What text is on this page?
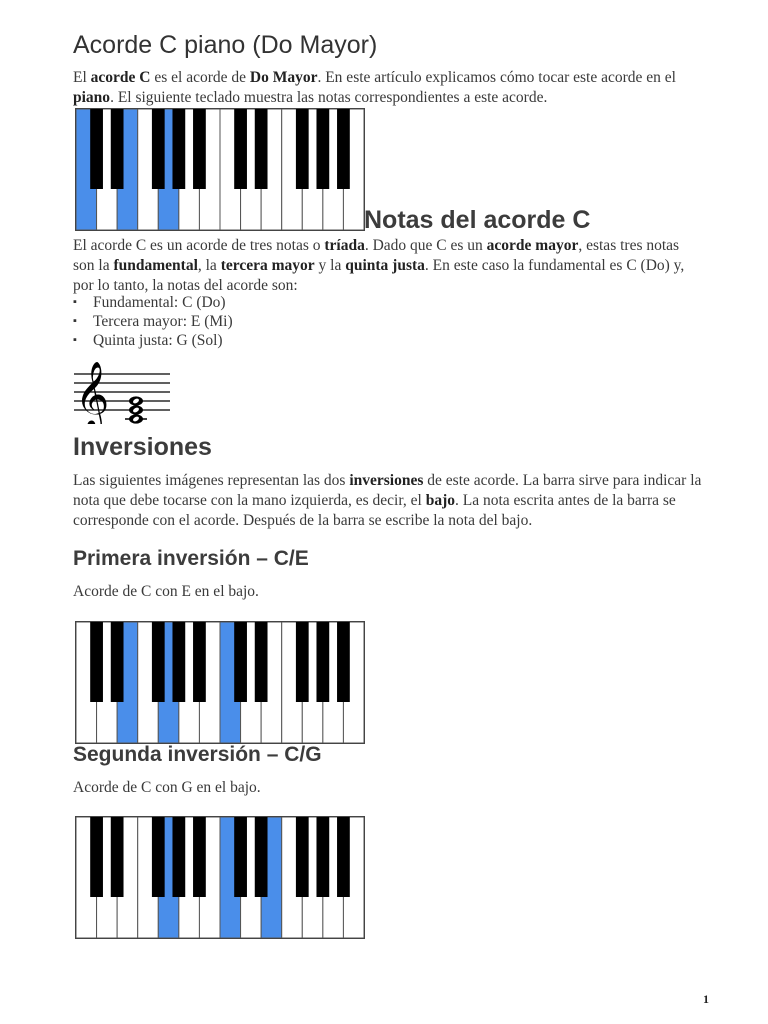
Acorde C piano (Do Mayor)
El acorde C es el acorde de Do Mayor. En este artículo explicamos cómo tocar este acorde en el piano. El siguiente teclado muestra las notas correspondientes a este acorde.
Notas del acorde C
El acorde C es un acorde de tres notas o tríada. Dado que C es un acorde mayor, estas tres notas son la fundamental, la tercera mayor y la quinta justa. En este caso la fundamental es C (Do) y, por lo tanto, la notas del acorde son:
▪ Fundamental: C (Do)
▪ Tercera mayor: E (Mi)
▪ Quinta justa: G (Sol)
𝄞
Inversiones
Las siguientes imágenes representan las dos inversiones de este acorde. La barra sirve para indicar la nota que debe tocarse con la mano izquierda, es decir, el bajo. La nota escrita antes de la barra se corresponde con el acorde. Después de la barra se escribe la nota del bajo.
Primera inversión – C/E
Acorde de C con E en el bajo.
Segunda inversión – C/G
Acorde de C con G en el bajo.
1
